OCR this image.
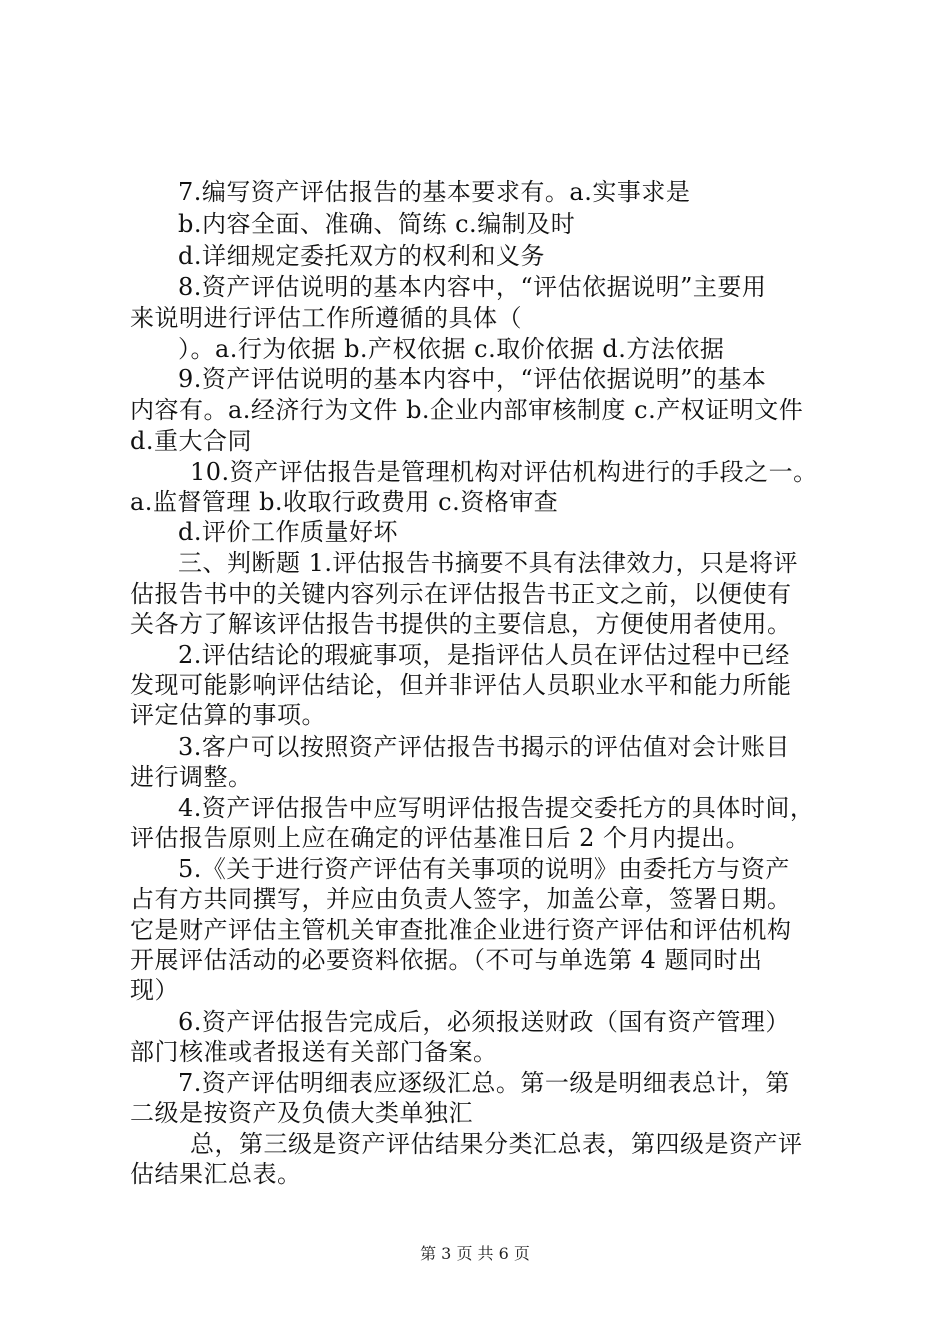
7.编写资产评估报告的基本要求有。a.实事求是
b.内容全面、准确、简练 c.编制及时
d.详细规定委托双方的权利和义务
8.资产评估说明的基本内容中，“评估依据说明”主要用
来说明进行评估工作所遵循的具体（
）。a.行为依据 b.产权依据 c.取价依据 d.方法依据
9.资产评估说明的基本内容中，“评估依据说明”的基本
内容有。a.经济行为文件 b.企业内部审核制度 c.产权证明文件
d.重大合同
10.资产评估报告是管理机构对评估机构进行的手段之一。
a.监督管理 b.收取行政费用 c.资格审查
d.评价工作质量好坏
三、判断题 1.评估报告书摘要不具有法律效力，只是将评
估报告书中的关键内容列示在评估报告书正文之前，以便使有
关各方了解该评估报告书提供的主要信息，方便使用者使用。
2.评估结论的瑕疵事项，是指评估人员在评估过程中已经
发现可能影响评估结论，但并非评估人员职业水平和能力所能
评定估算的事项。
3.客户可以按照资产评估报告书揭示的评估值对会计账目
进行调整。
4.资产评估报告中应写明评估报告提交委托方的具体时间，
评估报告原则上应在确定的评估基准日后 2 个月内提出。
5.《关于进行资产评估有关事项的说明》由委托方与资产
占有方共同撰写，并应由负责人签字，加盖公章，签署日期。
它是财产评估主管机关审查批准企业进行资产评估和评估机构
开展评估活动的必要资料依据。（不可与单选第 4 题同时出
现）
6.资产评估报告完成后，必须报送财政（国有资产管理）
部门核准或者报送有关部门备案。
7.资产评估明细表应逐级汇总。第一级是明细表总计，第
二级是按资产及负债大类单独汇
总，第三级是资产评估结果分类汇总表，第四级是资产评
估结果汇总表。
第 3 页 共 6 页
